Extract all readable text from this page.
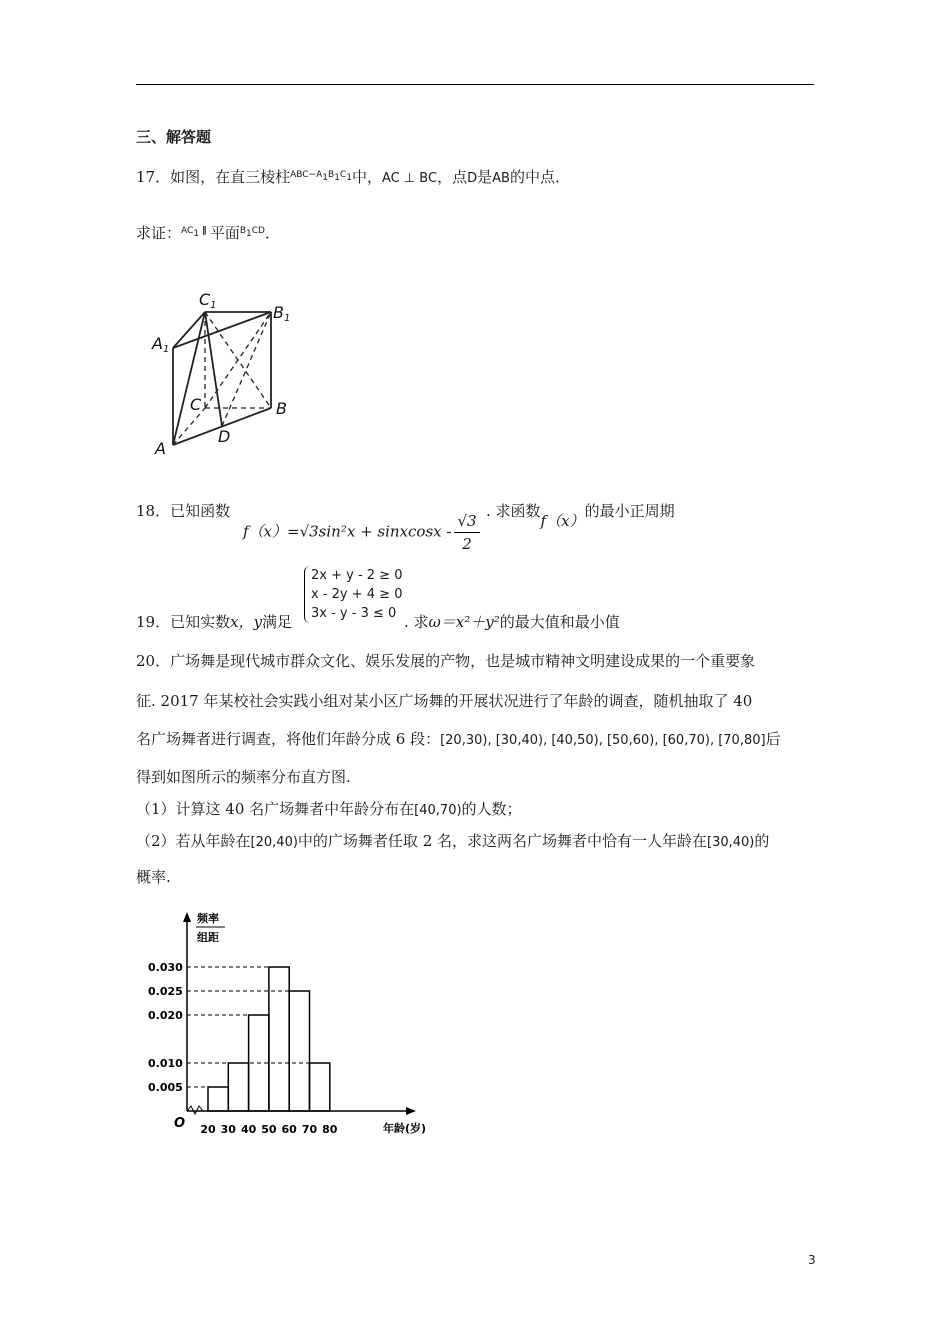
三、解答题
17．如图，在直三棱柱$^{ABC-A_1B_1C_1}$中，AC ⊥ BC，点D是AB的中点．
求证：$^{AC_1 \parallel}$ 平面$^{B_1CD}$．
C1	B1
A1
C	B
D
A
18．已知函数
f（x）=√3sin²x + sinxcosx - $\frac{√3}{2}$ . 求函数f（x）的最小正周期
2x + y - 2 ≥ 0
x - 2y + 4 ≥ 0
3x - y - 3 ≤ 0
19．已知实数x，y满足	. 求ω＝x²＋y²的最大值和最小值
20．广场舞是现代城市群众文化、娱乐发展的产物，也是城市精神文明建设成果的一个重要象
征. 2017 年某校社会实践小组对某小区广场舞的开展状况进行了年龄的调查，随机抽取了 40
名广场舞者进行调查，将他们年龄分成 6 段：[20,30), [30,40), [40,50), [50,60), [60,70), [70,80]后
得到如图所示的频率分布直方图.
（1）计算这 40 名广场舞者中年龄分布在[40,70)的人数；
（2）若从年龄在[20,40)中的广场舞者任取 2 名，求这两名广场舞者中恰有一人年龄在[30,40)的
概率.
频率
组距
O	年龄(岁)
0.005
0.010
0.020
0.025
0.030
20 30 40 50 60 70 80
3
